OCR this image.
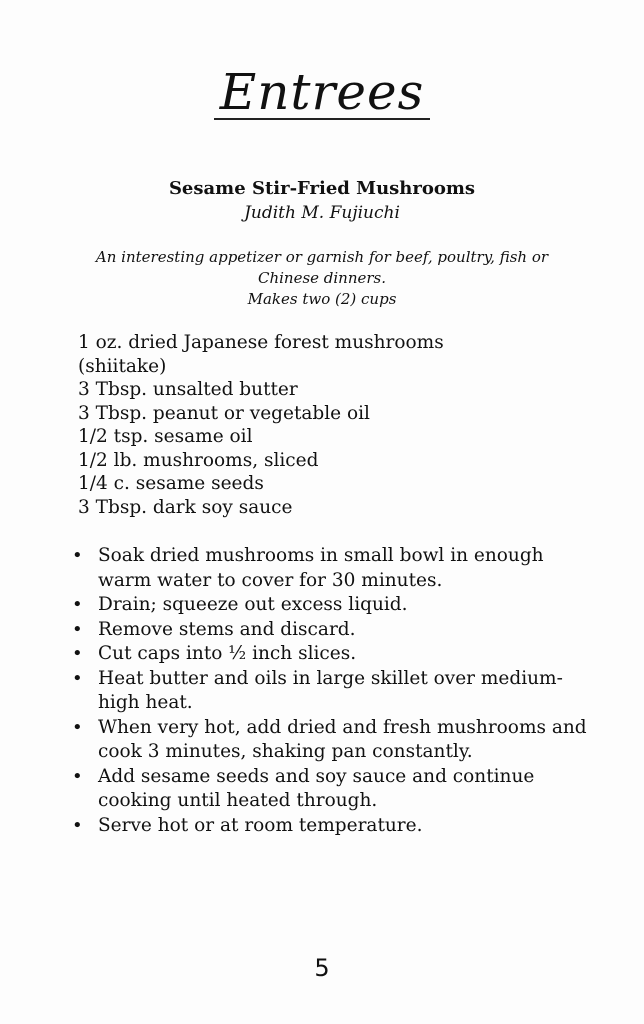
Entrees
Sesame Stir-Fried Mushrooms
Judith M. Fujiuchi
An interesting appetizer or garnish for beef, poultry, fish or
Chinese dinners.
Makes two (2) cups
1 oz. dried Japanese forest mushrooms
(shiitake)
3 Tbsp. unsalted butter
3 Tbsp. peanut or vegetable oil
1/2 tsp. sesame oil
1/2 lb. mushrooms, sliced
1/4 c. sesame seeds
3 Tbsp. dark soy sauce
• Soak dried mushrooms in small bowl in enough warm water to cover for 30 minutes.
• Drain; squeeze out excess liquid.
• Remove stems and discard.
• Cut caps into ½ inch slices.
• Heat butter and oils in large skillet over medium-high heat.
• When very hot, add dried and fresh mushrooms and cook 3 minutes, shaking pan constantly.
• Add sesame seeds and soy sauce and continue cooking until heated through.
• Serve hot or at room temperature.
5
